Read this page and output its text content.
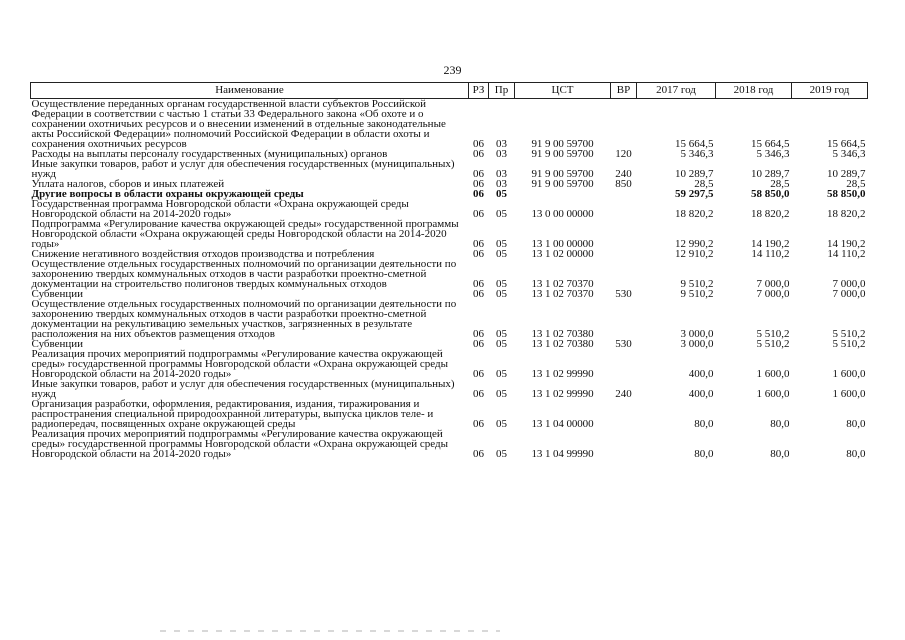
239
Наименование	РЗ	Пр	ЦСТ	ВР	2017 год	2018 год	2019 год
Осуществление переданных органам государственной власти субъектов Российской Федерации в соответствии с частью 1 статьи 33 Федерального закона «Об охоте и о сохранении охотничьих ресурсов и о внесении изменений в отдельные законодательные акты Российской Федерации» полномочий Российской Федерации в области охоты и сохранения охотничьих ресурсов	06	03	91 9 00 59700		15 664,5	15 664,5	15 664,5
Расходы на выплаты персоналу государственных (муниципальных) органов	06	03	91 9 00 59700	120	5 346,3	5 346,3	5 346,3
Иные закупки товаров, работ и услуг для обеспечения государственных (муниципальных) нужд	06	03	91 9 00 59700	240	10 289,7	10 289,7	10 289,7
Уплата налогов, сборов и иных платежей	06	03	91 9 00 59700	850	28,5	28,5	28,5
Другие вопросы в области охраны окружающей среды	06	05			59 297,5	58 850,0	58 850,0
Государственная программа Новгородской области «Охрана окружающей среды Новгородской области на 2014-2020 годы»	06	05	13 0 00 00000		18 820,2	18 820,2	18 820,2
Подпрограмма «Регулирование качества окружающей среды» государственной программы Новгородской области «Охрана окружающей среды Новгородской области на 2014-2020 годы»	06	05	13 1 00 00000		12 990,2	14 190,2	14 190,2
Снижение негативного воздействия отходов производства и потребления	06	05	13 1 02 00000		12 910,2	14 110,2	14 110,2
Осуществление отдельных государственных полномочий по организации деятельности по захоронению твердых коммунальных отходов в части разработки проектно-сметной документации на строительство полигонов твердых коммунальных отходов	06	05	13 1 02 70370		9 510,2	7 000,0	7 000,0
Субвенции	06	05	13 1 02 70370	530	9 510,2	7 000,0	7 000,0
Осуществление отдельных государственных полномочий по организации деятельности по захоронению твердых коммунальных отходов в части разработки проектно-сметной документации на рекультивацию земельных участков, загрязненных в результате расположения на них объектов размещения отходов	06	05	13 1 02 70380		3 000,0	5 510,2	5 510,2
Субвенции	06	05	13 1 02 70380	530	3 000,0	5 510,2	5 510,2
Реализация прочих мероприятий подпрограммы «Регулирование качества окружающей среды» государственной программы Новгородской области «Охрана окружающей среды Новгородской области на 2014-2020 годы»	06	05	13 1 02 99990		400,0	1 600,0	1 600,0
Иные закупки товаров, работ и услуг для обеспечения государственных (муниципальных) нужд	06	05	13 1 02 99990	240	400,0	1 600,0	1 600,0
Организация разработки, оформления, редактирования, издания, тиражирования и распространения специальной природоохранной литературы, выпуска циклов теле- и радиопередач, посвященных охране окружающей среды	06	05	13 1 04 00000		80,0	80,0	80,0
Реализация прочих мероприятий подпрограммы «Регулирование качества окружающей среды» государственной программы Новгородской области «Охрана окружающей среды Новгородской области на 2014-2020 годы»	06	05	13 1 04 99990		80,0	80,0	80,0
